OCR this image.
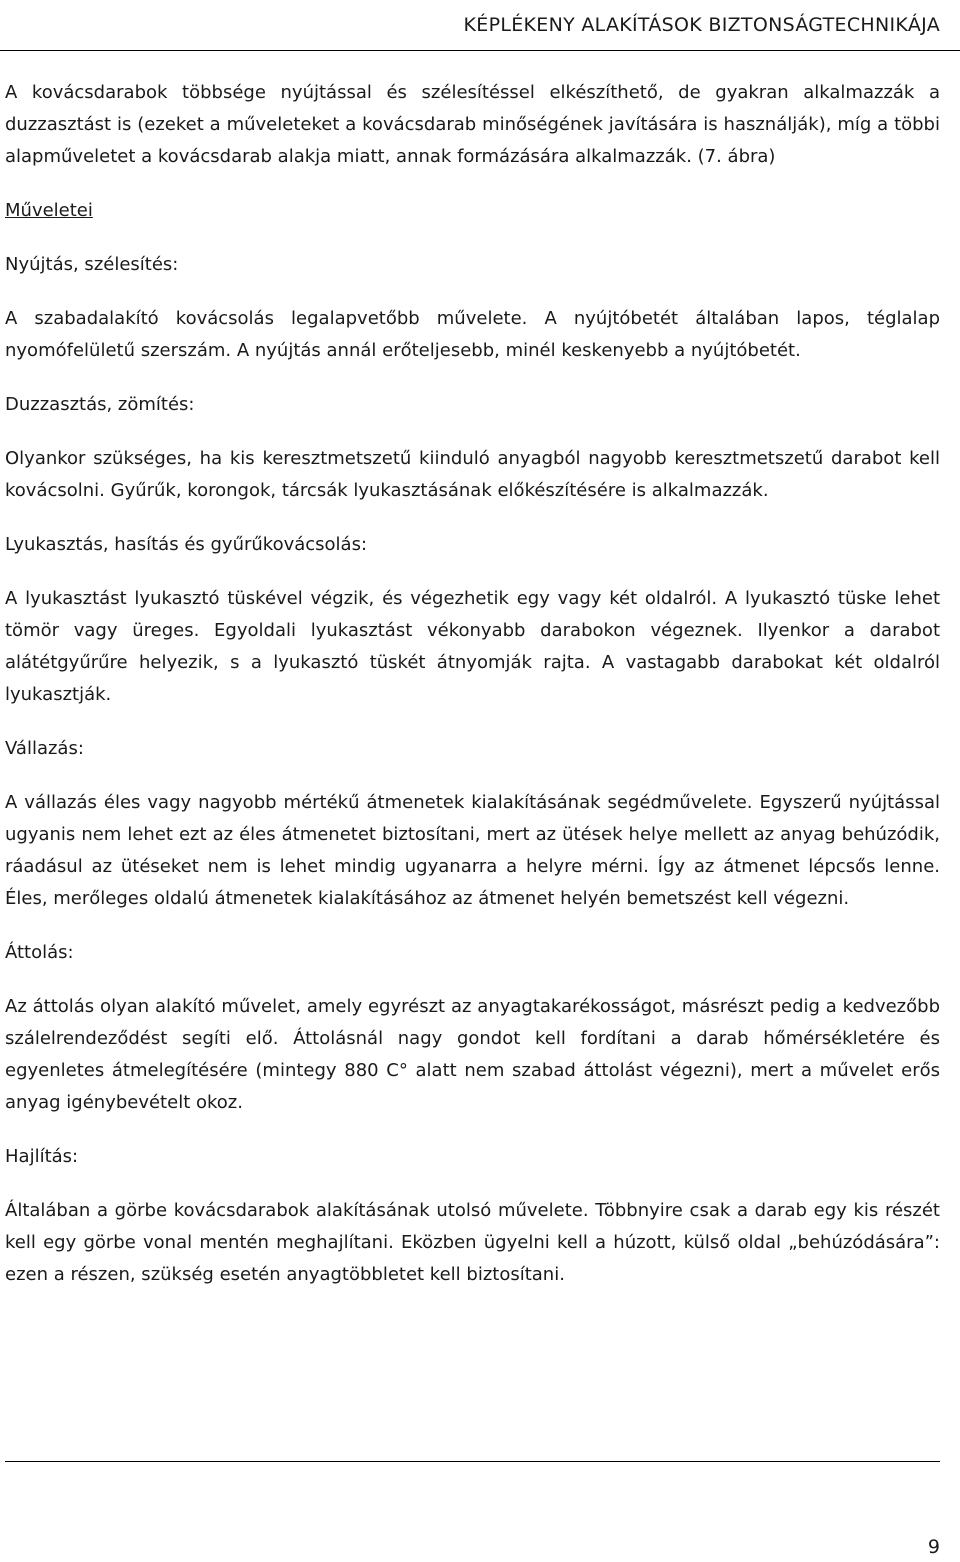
KÉPLÉKENY ALAKÍTÁSOK BIZTONSÁGTECHNIKÁJA

A kovácsdarabok többsége nyújtással és szélesítéssel elkészíthető, de gyakran alkalmazzák a duzzasztást is (ezeket a műveleteket a kovácsdarab minőségének javítására is használják), míg a többi alapműveletet a kovácsdarab alakja miatt, annak formázására alkalmazzák. (7. ábra)

Műveletei

Nyújtás, szélesítés:

A szabadalakító kovácsolás legalapvetőbb művelete. A nyújtóbetét általában lapos, téglalap nyomófelületű szerszám. A nyújtás annál erőteljesebb, minél keskenyebb a nyújtóbetét.

Duzzasztás, zömítés:

Olyankor szükséges, ha kis keresztmetszetű kiinduló anyagból nagyobb keresztmetszetű darabot kell kovácsolni. Gyűrűk, korongok, tárcsák lyukasztásának előkészítésére is alkalmazzák.

Lyukasztás, hasítás és gyűrűkovácsolás:

A lyukasztást lyukasztó tüskével végzik, és végezhetik egy vagy két oldalról. A lyukasztó tüske lehet tömör vagy üreges. Egyoldali lyukasztást vékonyabb darabokon végeznek. Ilyenkor a darabot alátétgyűrűre helyezik, s a lyukasztó tüskét átnyomják rajta. A vastagabb darabokat két oldalról lyukasztják.

Vállazás:

A vállazás éles vagy nagyobb mértékű átmenetek kialakításának segédművelete. Egyszerű nyújtással ugyanis nem lehet ezt az éles átmenetet biztosítani, mert az ütések helye mellett az anyag behúzódik, ráadásul az ütéseket nem is lehet mindig ugyanarra a helyre mérni. Így az átmenet lépcsős lenne. Éles, merőleges oldalú átmenetek kialakításához az átmenet helyén bemetszést kell végezni.

Áttolás:

Az áttolás olyan alakító művelet, amely egyrészt az anyagtakarékosságot, másrészt pedig a kedvezőbb szálelrendeződést segíti elő. Áttolásnál nagy gondot kell fordítani a darab hőmérsékletére és egyenletes átmelegítésére (mintegy 880 C° alatt nem szabad áttolást végezni), mert a művelet erős anyag igénybevételt okoz.

Hajlítás:

Általában a görbe kovácsdarabok alakításának utolsó művelete. Többnyire csak a darab egy kis részét kell egy görbe vonal mentén meghajlítani. Eközben ügyelni kell a húzott, külső oldal „behúzódására”: ezen a részen, szükség esetén anyagtöbbletet kell biztosítani.

9
